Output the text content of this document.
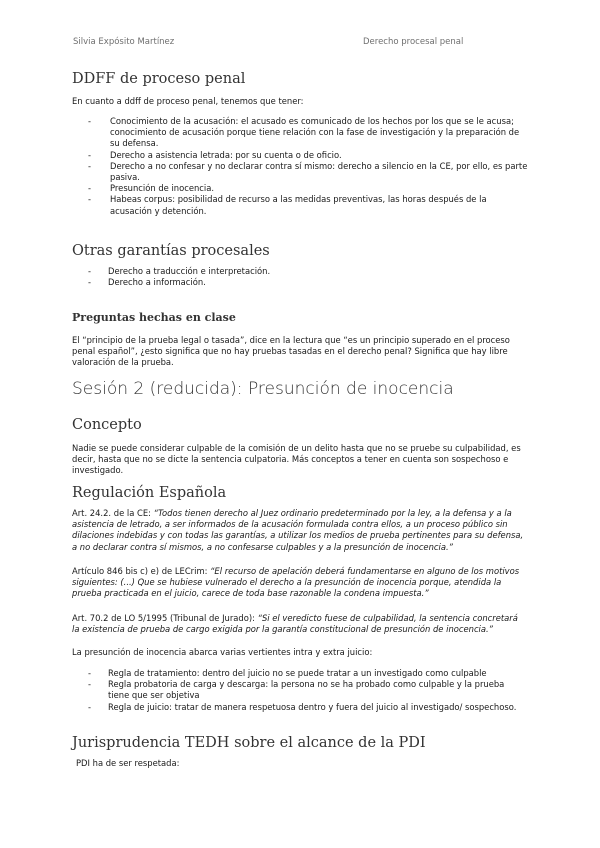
Silvia Expósito Martínez	Derecho procesal penal
DDFF de proceso penal
En cuanto a ddff de proceso penal, tenemos que tener:
- Conocimiento de la acusación: el acusado es comunicado de los hechos por los que se le acusa; conocimiento de acusación porque tiene relación con la fase de investigación y la preparación de su defensa.
- Derecho a asistencia letrada: por su cuenta o de oficio.
- Derecho a no confesar y no declarar contra sí mismo: derecho a silencio en la CE, por ello, es parte pasiva.
- Presunción de inocencia.
- Habeas corpus: posibilidad de recurso a las medidas preventivas, las horas después de la acusación y detención.
Otras garantías procesales
- Derecho a traducción e interpretación.
- Derecho a información.
Preguntas hechas en clase
El “principio de la prueba legal o tasada”, dice en la lectura que “es un principio superado en el proceso penal español”, ¿esto significa que no hay pruebas tasadas en el derecho penal? Significa que hay libre valoración de la prueba.
Sesión 2 (reducida): Presunción de inocencia
Concepto
Nadie se puede considerar culpable de la comisión de un delito hasta que no se pruebe su culpabilidad, es decir, hasta que no se dicte la sentencia culpatoria. Más conceptos a tener en cuenta son sospechoso e investigado.
Regulación Española
Art. 24.2. de la CE: “Todos tienen derecho al Juez ordinario predeterminado por la ley, a la defensa y a la asistencia de letrado, a ser informados de la acusación formulada contra ellos, a un proceso público sin dilaciones indebidas y con todas las garantías, a utilizar los medios de prueba pertinentes para su defensa, a no declarar contra sí mismos, a no confesarse culpables y a la presunción de inocencia.”
Artículo 846 bis c) e) de LECrim: “El recurso de apelación deberá fundamentarse en alguno de los motivos siguientes: (...) Que se hubiese vulnerado el derecho a la presunción de inocencia porque, atendida la prueba practicada en el juicio, carece de toda base razonable la condena impuesta.”
Art. 70.2 de LO 5/1995 (Tribunal de Jurado): “Si el veredicto fuese de culpabilidad, la sentencia concretará la existencia de prueba de cargo exigida por la garantía constitucional de presunción de inocencia.”
La presunción de inocencia abarca varias vertientes intra y extra juicio:
- Regla de tratamiento: dentro del juicio no se puede tratar a un investigado como culpable
- Regla probatoria de carga y descarga: la persona no se ha probado como culpable y la prueba tiene que ser objetiva
- Regla de juicio: tratar de manera respetuosa dentro y fuera del juicio al investigado/ sospechoso.
Jurisprudencia TEDH sobre el alcance de la PDI
PDI ha de ser respetada:
